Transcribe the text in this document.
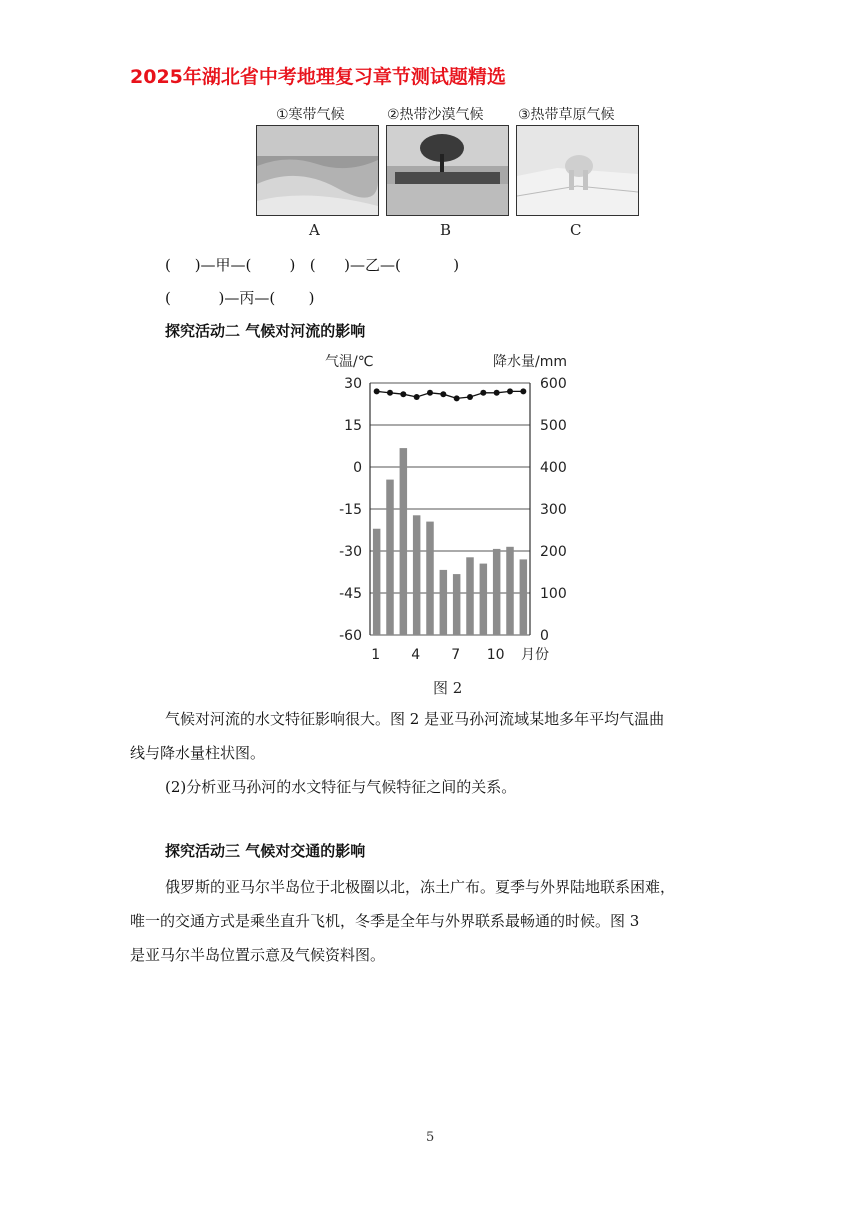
2025年湖北省中考地理复习章节测试题精选
①寒带气候	②热带沙漠气候 ③热带草原气候
A	B	C
(     )—甲—(        )   (      )—乙—(           )
(          )—丙—(       )
探究活动二 气候对河流的影响
气温/℃	降水量/mm
30
15
0
-15
-30
-45
-60
600
500
400
300
200
100
0
1 4 7 10 月份
图 2
气候对河流的水文特征影响很大。图 2 是亚马孙河流域某地多年平均气温曲
线与降水量柱状图。
(2)分析亚马孙河的水文特征与气候特征之间的关系。
探究活动三 气候对交通的影响
俄罗斯的亚马尔半岛位于北极圈以北，冻土广布。夏季与外界陆地联系困难，
唯一的交通方式是乘坐直升飞机，冬季是全年与外界联系最畅通的时候。图 3
是亚马尔半岛位置示意及气候资料图。
5
